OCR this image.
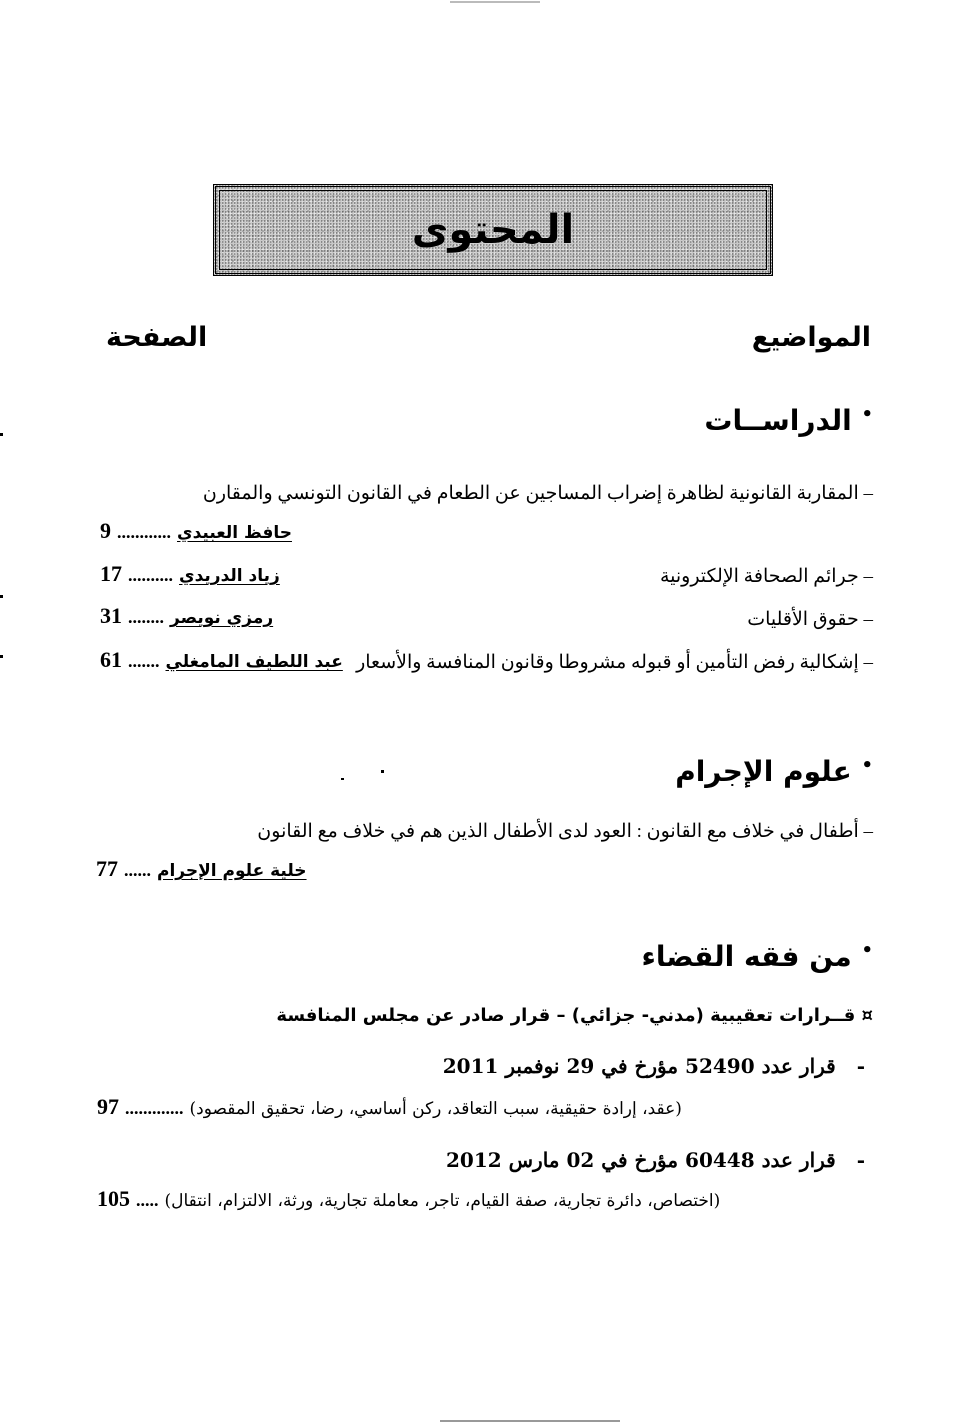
المحتوى
المواضيع
الصفحة
• الدراســات
– المقاربة القانونية لظاهرة إضراب المساجين عن الطعام في القانون التونسي والمقارن
9 ............ حافظ العبيدي
– جرائم الصحافة الإلكترونية
17 .......... زياد الدريدي
– حقوق الأقليات
31 ........ رمزي نويصر
– إشكالية رفض التأمين أو قبوله مشروطا وقانون المنافسة والأسعار
61 ....... عبد اللطيف المامغلي
• علوم الإجرام
– أطفال في خلاف مع القانون : العود لدى الأطفال الذين هم في خلاف مع القانون
77 ...... خلية علوم الإجرام
• من فقه القضاء
¤ قــرارات تعقيبية (مدني- جزائي) – قرار صادر عن مجلس المنافسة
- قرار عدد 52490 مؤرخ في 29 نوفمبر 2011
97 ............. (عقد، إرادة حقيقية، سبب التعاقد، ركن أساسي، رضا، تحقيق المقصود)
- قرار عدد 60448 مؤرخ في 02 مارس 2012
105 ..... (اختصاص، دائرة تجارية، صفة القيام، تاجر، معاملة تجارية، ورثة، الالتزام، انتقال)
